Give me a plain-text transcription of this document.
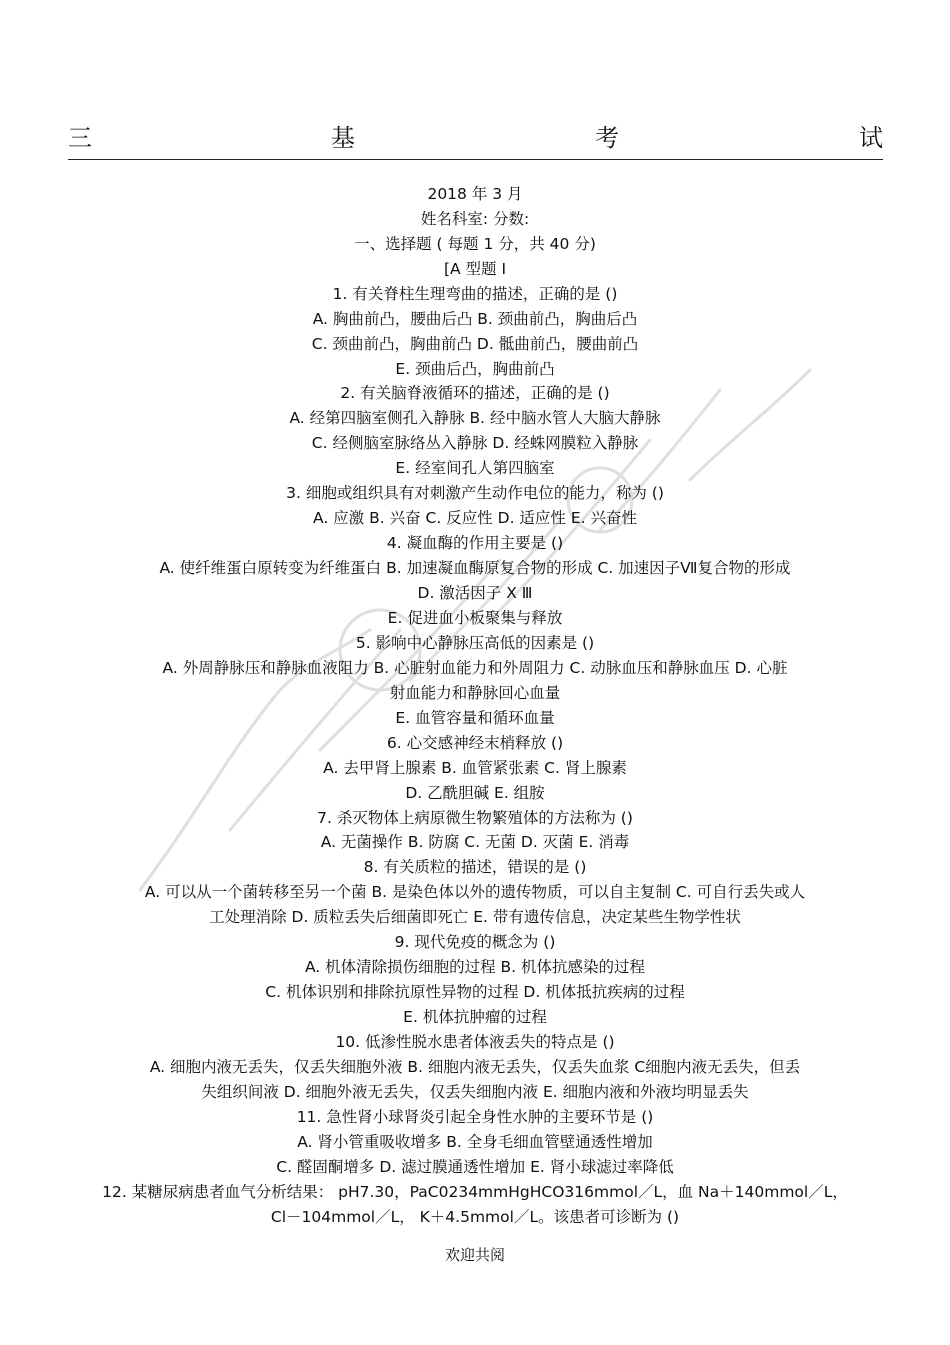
三	基	考	试
2018 年 3 月
姓名科室: 分数:
一、选择题 ( 每题 1 分，共 40 分)
[A 型题 I
1. 有关脊柱生理弯曲的描述，正确的是 ()
A. 胸曲前凸，腰曲后凸 B. 颈曲前凸，胸曲后凸
C. 颈曲前凸，胸曲前凸 D. 骶曲前凸，腰曲前凸
E. 颈曲后凸，胸曲前凸
2. 有关脑脊液循环的描述，正确的是 ()
A. 经第四脑室侧孔入静脉 B. 经中脑水管人大脑大静脉
C. 经侧脑室脉络丛入静脉 D. 经蛛网膜粒入静脉
E. 经室间孔人第四脑室
3. 细胞或组织具有对刺激产生动作电位的能力，称为 ()
A. 应激 B. 兴奋 C. 反应性 D. 适应性 E. 兴奋性
4. 凝血酶的作用主要是 ()
A. 使纤维蛋白原转变为纤维蛋白 B. 加速凝血酶原复合物的形成 C. 加速因子Ⅶ复合物的形成
D. 激活因子 X Ⅲ
E. 促进血小板聚集与释放
5. 影响中心静脉压高低的因素是 ()
A. 外周静脉压和静脉血液阻力 B. 心脏射血能力和外周阻力 C. 动脉血压和静脉血压 D. 心脏
射血能力和静脉回心血量
E. 血管容量和循环血量
6. 心交感神经末梢释放 ()
A. 去甲肾上腺素 B. 血管紧张素 C. 肾上腺素
D. 乙酰胆碱 E. 组胺
7. 杀灭物体上病原微生物繁殖体的方法称为 ()
A. 无菌操作 B. 防腐 C. 无菌 D. 灭菌 E. 消毒
8. 有关质粒的描述，错误的是 ()
A. 可以从一个菌转移至另一个菌 B. 是染色体以外的遗传物质，可以自主复制 C. 可自行丢失或人
工处理消除 D. 质粒丢失后细菌即死亡 E. 带有遗传信息，决定某些生物学性状
9. 现代免疫的概念为 ()
A. 机体清除损伤细胞的过程 B. 机体抗感染的过程
C. 机体识别和排除抗原性异物的过程 D. 机体抵抗疾病的过程
E. 机体抗肿瘤的过程
10. 低渗性脱水患者体液丢失的特点是 ()
A. 细胞内液无丢失，仅丢失细胞外液 B. 细胞内液无丢失，仅丢失血浆 C细胞内液无丢失，但丢
失组织间液 D. 细胞外液无丢失，仅丢失细胞内液 E. 细胞内液和外液均明显丢失
11. 急性肾小球肾炎引起全身性水肿的主要环节是 ()
A. 肾小管重吸收增多 B. 全身毛细血管壁通透性增加
C. 醛固酮增多 D. 滤过膜通透性增加 E. 肾小球滤过率降低
12. 某糖尿病患者血气分析结果： pH7.30，PaC0234mmHgHCO316mmol／L，血 Na＋140mmol／L，
Cl－104mmol／L， K＋4.5mmol／L。该患者可诊断为 ()
欢迎共阅
